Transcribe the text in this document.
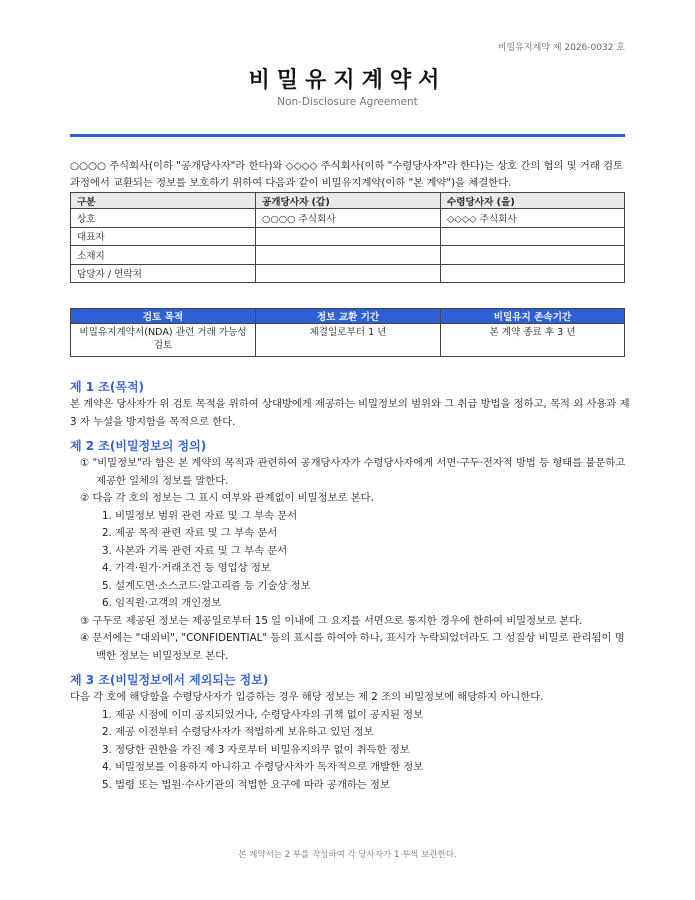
비밀유지계약 제 2026-0032 호
비밀유지계약서
Non-Disclosure Agreement

○○○○ 주식회사(이하 "공개당사자"라 한다)와 ◇◇◇◇ 주식회사(이하 "수령당사자"라 한다)는 상호 간의 협의 및 거래 검토 과정에서 교환되는 정보를 보호하기 위하여 다음과 같이 비밀유지계약(이하 "본 계약")을 체결한다.

구분	공개당사자 (갑)	수령당사자 (을)
상호	○○○○ 주식회사	◇◇◇◇ 주식회사
대표자		
소재지		
담당자 / 연락처		
검토 목적	정보 교환 기간	비밀유지 존속기간
비밀유지계약서(NDA) 관련 거래 가능성 검토	체결일로부터 1 년	본 계약 종료 후 3 년
제 1 조(목적)

본 계약은 당사자가 위 검토 목적을 위하여 상대방에게 제공하는 비밀정보의 범위와 그 취급 방법을 정하고, 목적 외 사용과 제 3 자 누설을 방지함을 목적으로 한다.

제 2 조(비밀정보의 정의)

① "비밀정보"라 함은 본 계약의 목적과 관련하여 공개당사자가 수령당사자에게 서면·구두·전자적 방법 등 형태를 불문하고 제공한 일체의 정보를 말한다.

② 다음 각 호의 정보는 그 표시 여부와 관계없이 비밀정보로 본다.

1. 비밀정보 범위 관련 자료 및 그 부속 문서

2. 제공 목적 관련 자료 및 그 부속 문서

3. 사본과 기록 관련 자료 및 그 부속 문서

4. 가격·원가·거래조건 등 영업상 정보

5. 설계도면·소스코드·알고리즘 등 기술상 정보

6. 임직원·고객의 개인정보

③ 구두로 제공된 정보는 제공일로부터 15 일 이내에 그 요지를 서면으로 통지한 경우에 한하여 비밀정보로 본다.

④ 문서에는 "대외비", "CONFIDENTIAL" 등의 표시를 하여야 하나, 표시가 누락되었더라도 그 성질상 비밀로 관리됨이 명백한 정보는 비밀정보로 본다.

제 3 조(비밀정보에서 제외되는 정보)

다음 각 호에 해당함을 수령당사자가 입증하는 경우 해당 정보는 제 2 조의 비밀정보에 해당하지 아니한다.

1. 제공 시점에 이미 공지되었거나, 수령당사자의 귀책 없이 공지된 정보

2. 제공 이전부터 수령당사자가 적법하게 보유하고 있던 정보

3. 정당한 권한을 가진 제 3 자로부터 비밀유지의무 없이 취득한 정보

4. 비밀정보를 이용하지 아니하고 수령당사자가 독자적으로 개발한 정보

5. 법령 또는 법원·수사기관의 적법한 요구에 따라 공개하는 정보

본 계약서는 2 부를 작성하여 각 당사자가 1 부씩 보관한다.
